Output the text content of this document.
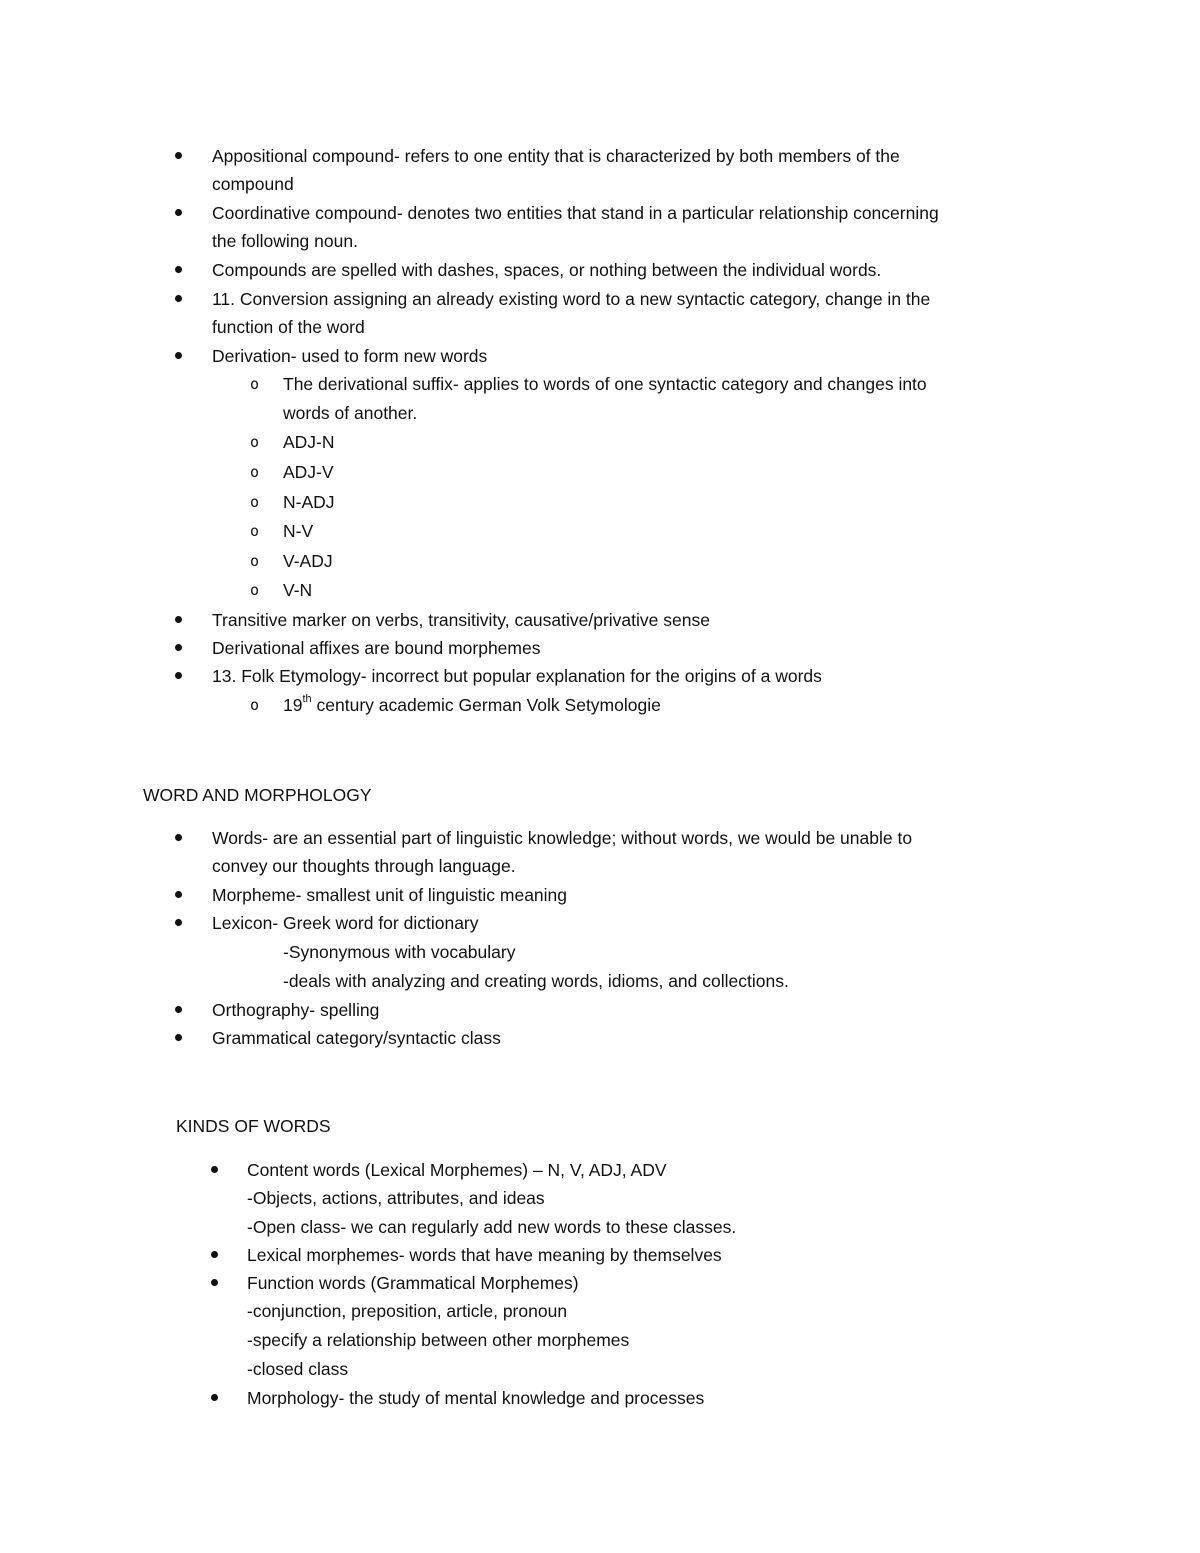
Appositional compound- refers to one entity that is characterized by both members of the
compound
Coordinative compound- denotes two entities that stand in a particular relationship concerning
the following noun.
Compounds are spelled with dashes, spaces, or nothing between the individual words.
11. Conversion assigning an already existing word to a new syntactic category, change in the
function of the word
Derivation- used to form new words
o The derivational suffix- applies to words of one syntactic category and changes into
words of another.
o ADJ-N
o ADJ-V
o N-ADJ
o N-V
o V-ADJ
o V-N
Transitive marker on verbs, transitivity, causative/privative sense
Derivational affixes are bound morphemes
13. Folk Etymology- incorrect but popular explanation for the origins of a words
o 19th century academic German Volk Setymologie
WORD AND MORPHOLOGY
Words- are an essential part of linguistic knowledge; without words, we would be unable to
convey our thoughts through language.
Morpheme- smallest unit of linguistic meaning
Lexicon- Greek word for dictionary
-Synonymous with vocabulary
-deals with analyzing and creating words, idioms, and collections.
Orthography- spelling
Grammatical category/syntactic class
KINDS OF WORDS
Content words (Lexical Morphemes) – N, V, ADJ, ADV
-Objects, actions, attributes, and ideas
-Open class- we can regularly add new words to these classes.
Lexical morphemes- words that have meaning by themselves
Function words (Grammatical Morphemes)
-conjunction, preposition, article, pronoun
-specify a relationship between other morphemes
-closed class
Morphology- the study of mental knowledge and processes
